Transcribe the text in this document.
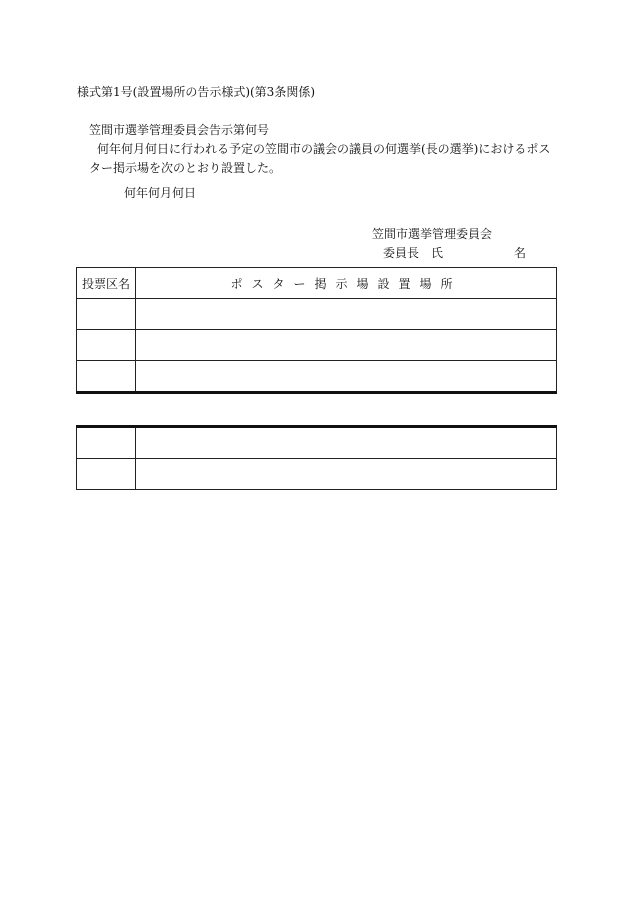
様式第1号(設置場所の告示様式)(第3条関係)
笠間市選挙管理委員会告示第何号
何年何月何日に行われる予定の笠間市の議会の議員の何選挙(長の選挙)におけるポス
ター掲示場を次のとおり設置した。
何年何月何日
笠間市選挙管理委員会
委員長　氏	名
投票区名	ポスター掲示場設置場所
